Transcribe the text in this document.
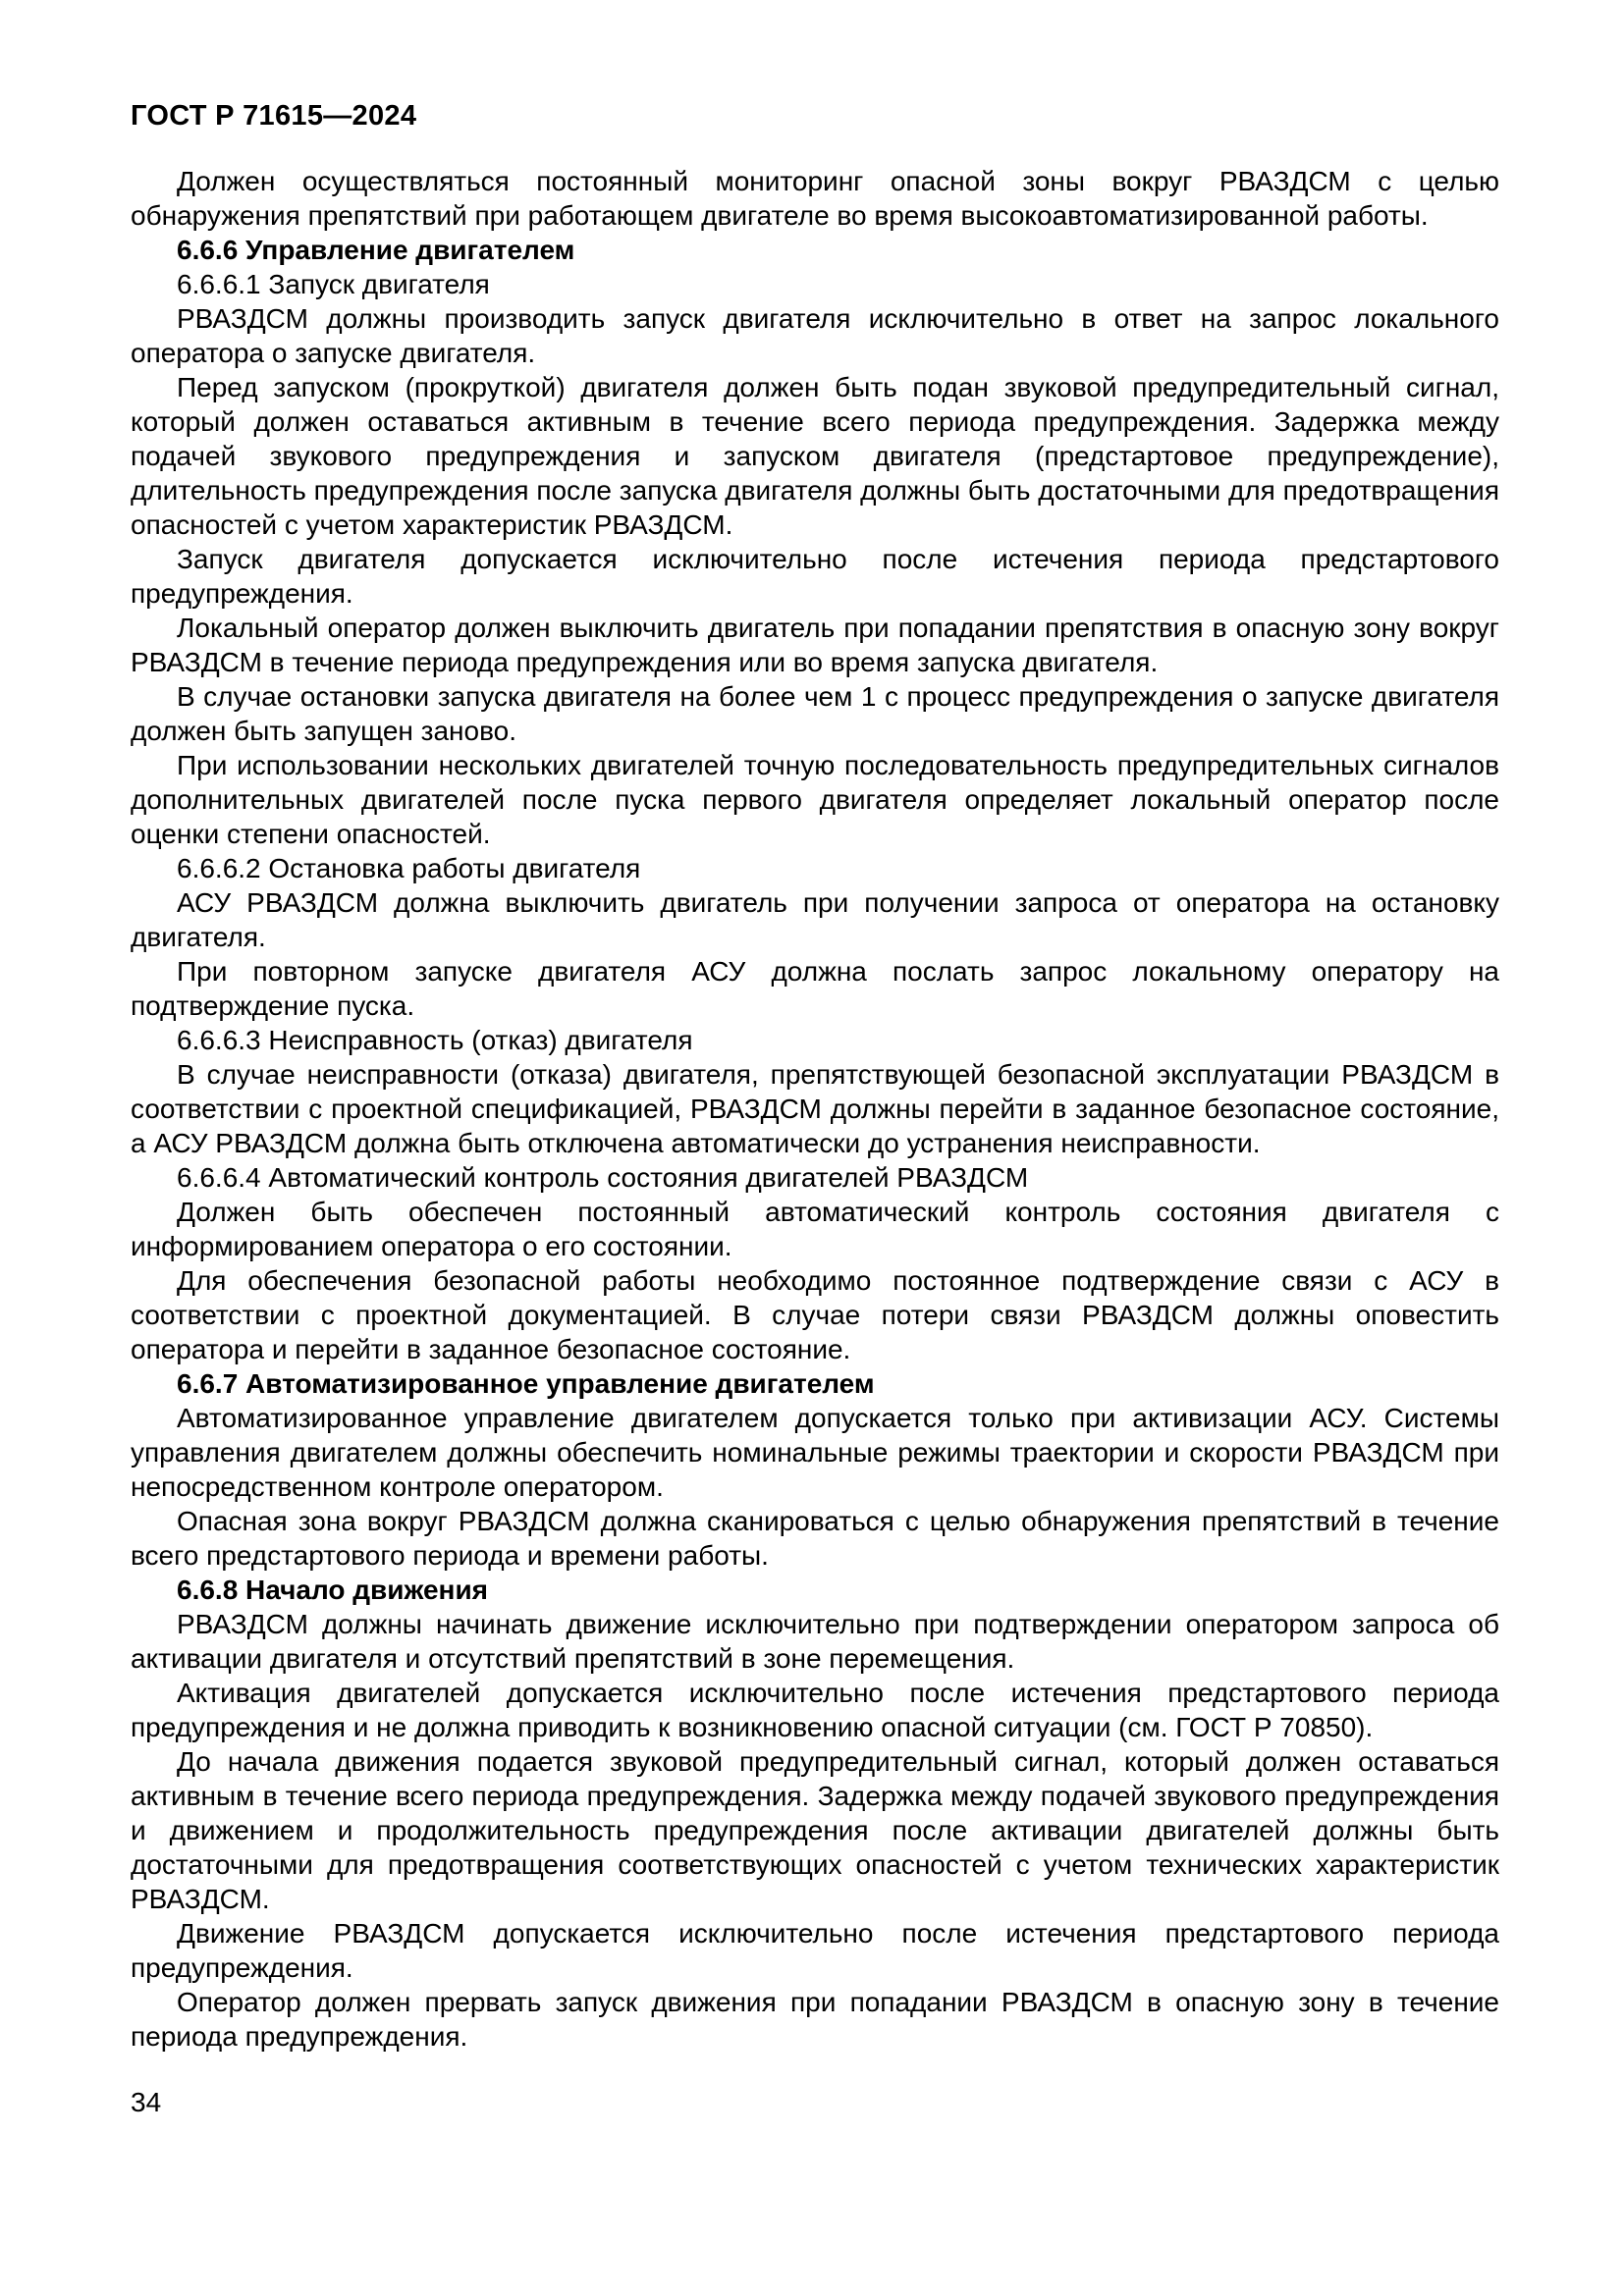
ГОСТ Р 71615—2024

Должен осуществляться постоянный мониторинг опасной зоны вокруг РВАЗДСМ с целью обнаружения препятствий при работающем двигателе во время высокоавтоматизированной работы.

6.6.6 Управление двигателем

6.6.6.1 Запуск двигателя

РВАЗДСМ должны производить запуск двигателя исключительно в ответ на запрос локального оператора о запуске двигателя.

Перед запуском (прокруткой) двигателя должен быть подан звуковой предупредительный сигнал, который должен оставаться активным в течение всего периода предупреждения. Задержка между подачей звукового предупреждения и запуском двигателя (предстартовое предупреждение), длительность предупреждения после запуска двигателя должны быть достаточными для предотвращения опасностей с учетом характеристик РВАЗДСМ.

Запуск двигателя допускается исключительно после истечения периода предстартового предупреждения.

Локальный оператор должен выключить двигатель при попадании препятствия в опасную зону вокруг РВАЗДСМ в течение периода предупреждения или во время запуска двигателя.

В случае остановки запуска двигателя на более чем 1 с процесс предупреждения о запуске двигателя должен быть запущен заново.

При использовании нескольких двигателей точную последовательность предупредительных сигналов дополнительных двигателей после пуска первого двигателя определяет локальный оператор после оценки степени опасностей.

6.6.6.2 Остановка работы двигателя

АСУ РВАЗДСМ должна выключить двигатель при получении запроса от оператора на остановку двигателя.

При повторном запуске двигателя АСУ должна послать запрос локальному оператору на подтверждение пуска.

6.6.6.3 Неисправность (отказ) двигателя

В случае неисправности (отказа) двигателя, препятствующей безопасной эксплуатации РВАЗДСМ в соответствии с проектной спецификацией, РВАЗДСМ должны перейти в заданное безопасное состояние, а АСУ РВАЗДСМ должна быть отключена автоматически до устранения неисправности.

6.6.6.4 Автоматический контроль состояния двигателей РВАЗДСМ

Должен быть обеспечен постоянный автоматический контроль состояния двигателя с информированием оператора о его состоянии.

Для обеспечения безопасной работы необходимо постоянное подтверждение связи с АСУ в соответствии с проектной документацией. В случае потери связи РВАЗДСМ должны оповестить оператора и перейти в заданное безопасное состояние.

6.6.7 Автоматизированное управление двигателем

Автоматизированное управление двигателем допускается только при активизации АСУ. Системы управления двигателем должны обеспечить номинальные режимы траектории и скорости РВАЗДСМ при непосредственном контроле оператором.

Опасная зона вокруг РВАЗДСМ должна сканироваться с целью обнаружения препятствий в течение всего предстартового периода и времени работы.

6.6.8 Начало движения

РВАЗДСМ должны начинать движение исключительно при подтверждении оператором запроса об активации двигателя и отсутствий препятствий в зоне перемещения.

Активация двигателей допускается исключительно после истечения предстартового периода предупреждения и не должна приводить к возникновению опасной ситуации (см. ГОСТ Р 70850).

До начала движения подается звуковой предупредительный сигнал, который должен оставаться активным в течение всего периода предупреждения. Задержка между подачей звукового предупреждения и движением и продолжительность предупреждения после активации двигателей должны быть достаточными для предотвращения соответствующих опасностей с учетом технических характеристик РВАЗДСМ.

Движение РВАЗДСМ допускается исключительно после истечения предстартового периода предупреждения.

Оператор должен прервать запуск движения при попадании РВАЗДСМ в опасную зону в течение периода предупреждения.

34
